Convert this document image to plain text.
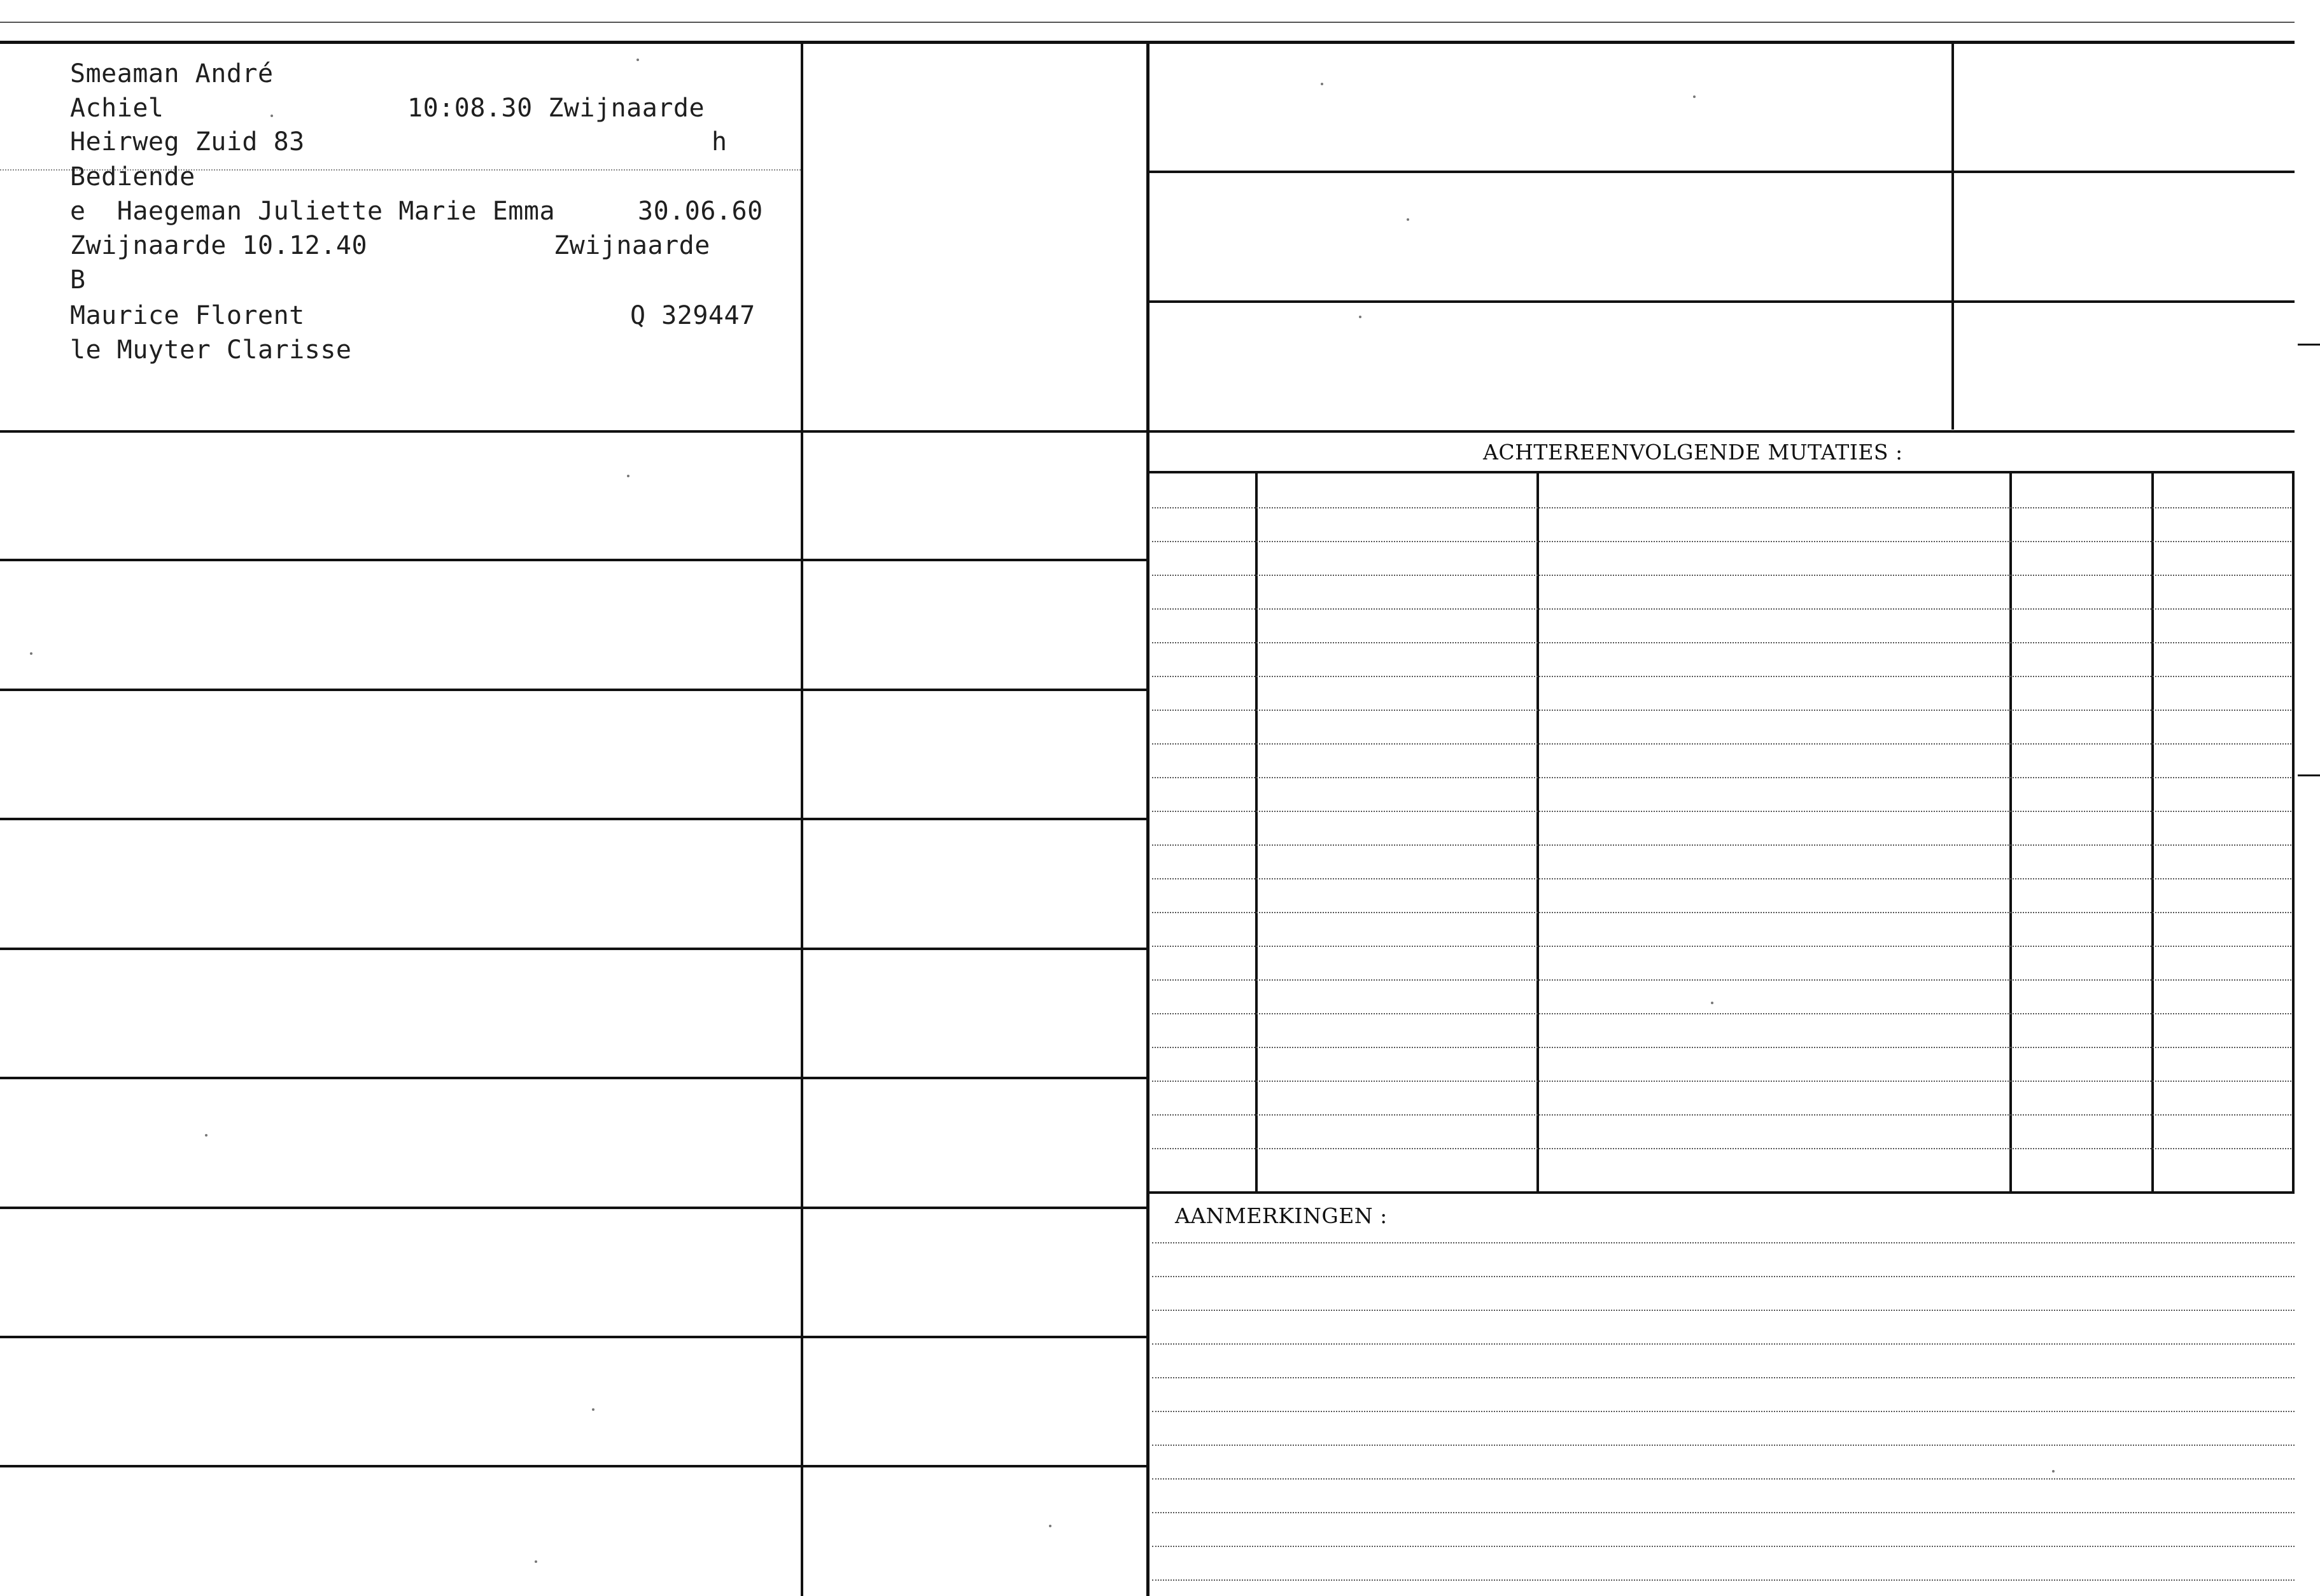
Smeaman André
Achiel	10:08.30 Zwijnaarde
Heirweg Zuid 83	h
Bediende
e  Haegeman Juliette Marie Emma	30.06.60
Zwijnaarde 10.12.40	Zwijnaarde
B
Maurice Florent	Q 329447
le Muyter Clarisse
ACHTEREENVOLGENDE MUTATIES :
AANMERKINGEN :
